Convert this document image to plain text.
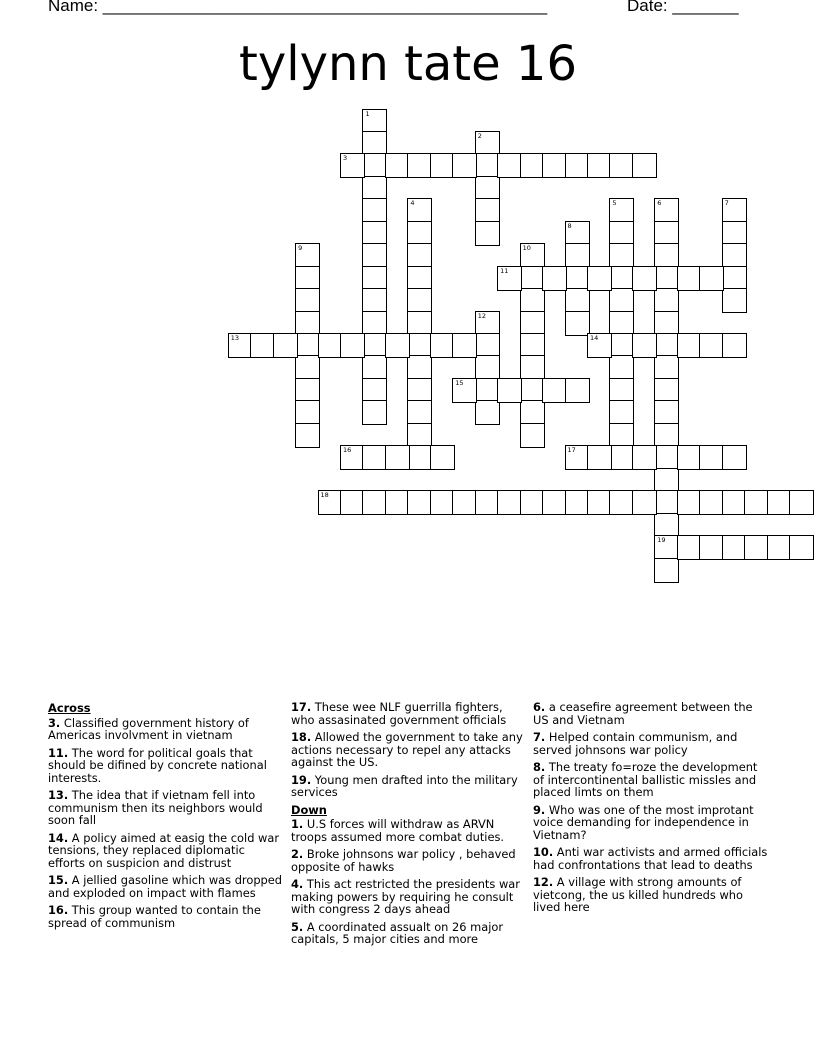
Name: _______________________________________________	Date: _______
tylynn tate 16
1
2
3
4	5	6
19
7
8
9	10
11
12
13	14
15
16	17
18
Across
3. Classified government history of Americas involvment in vietnam
11. The word for political goals that should be difined by concrete national interests.
13. The idea that if vietnam fell into communism then its neighbors would soon fall
14. A policy aimed at easig the cold war tensions, they replaced diplomatic efforts on suspicion and distrust
15. A jellied gasoline which was dropped and exploded on impact with flames
16. This group wanted to contain the spread of communism
17. These wee NLF guerrilla fighters, who assasinated government officials
18. Allowed the government to take any actions necessary to repel any attacks against the US.
19. Young men drafted into the military services
Down
1. U.S forces will withdraw as ARVN troops assumed more combat duties.
2. Broke johnsons war policy , behaved opposite of hawks
4. This act restricted the presidents war making powers by requiring he consult with congress 2 days ahead
5. A coordinated assualt on 26 major capitals, 5 major cities and more
6. a ceasefire agreement between the US and Vietnam
7. Helped contain communism, and served johnsons war policy
8. The treaty fo=roze the development of intercontinental ballistic missles and placed limts on them
9. Who was one of the most improtant voice demanding for independence in Vietnam?
10. Anti war activists and armed officials had confrontations that lead to deaths
12. A village with strong amounts of vietcong, the us killed hundreds who lived here
